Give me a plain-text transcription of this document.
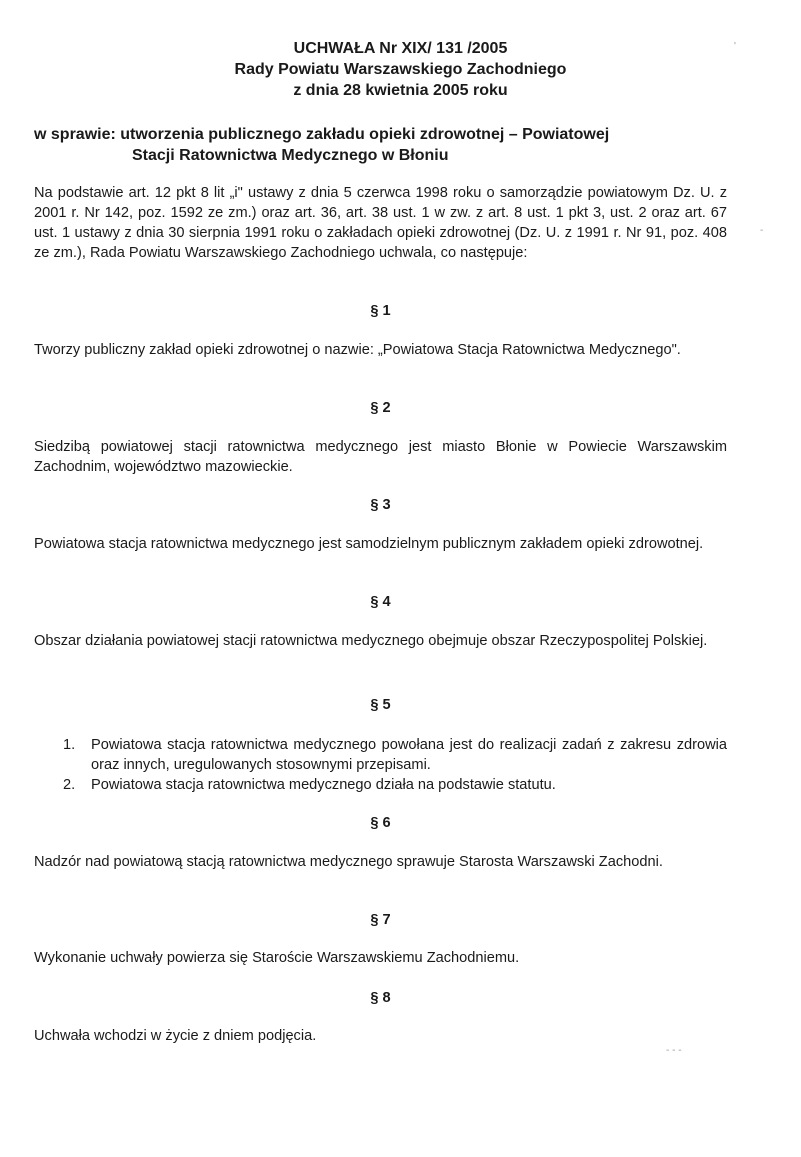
UCHWAŁA Nr XIX/ 131 /2005
Rady Powiatu Warszawskiego Zachodniego
z dnia 28 kwietnia 2005 roku
w sprawie: utworzenia publicznego zakładu opieki zdrowotnej – Powiatowej
Stacji Ratownictwa Medycznego w Błoniu
Na podstawie art. 12 pkt 8 lit „i" ustawy z dnia 5 czerwca 1998 roku o samorządzie powiatowym Dz. U. z 2001 r. Nr 142, poz. 1592 ze zm.) oraz art. 36, art. 38 ust. 1 w zw. z art. 8 ust. 1 pkt 3, ust. 2 oraz art. 67 ust. 1 ustawy z dnia 30 sierpnia 1991 roku o zakładach opieki zdrowotnej (Dz. U. z 1991 r. Nr 91, poz. 408 ze zm.), Rada Powiatu Warszawskiego Zachodniego uchwala, co następuje:
§ 1
Tworzy publiczny zakład opieki zdrowotnej o nazwie: „Powiatowa Stacja Ratownictwa Medycznego".
§ 2
Siedzibą powiatowej stacji ratownictwa medycznego jest miasto Błonie w Powiecie Warszawskim Zachodnim, województwo mazowieckie.
§ 3
Powiatowa stacja ratownictwa medycznego jest samodzielnym publicznym zakładem opieki zdrowotnej.
§ 4
Obszar działania powiatowej stacji ratownictwa medycznego obejmuje obszar Rzeczypospolitej Polskiej.
§ 5
1. Powiatowa stacja ratownictwa medycznego powołana jest do realizacji zadań z zakresu zdrowia oraz innych, uregulowanych stosownymi przepisami.
2. Powiatowa stacja ratownictwa medycznego działa na podstawie statutu.
§ 6
Nadzór nad powiatową stacją ratownictwa medycznego sprawuje Starosta Warszawski Zachodni.
§ 7
Wykonanie uchwały powierza się Staroście Warszawskiemu Zachodniemu.
§ 8
Uchwała wchodzi w życie z dniem podjęcia.
'
-
- - -
